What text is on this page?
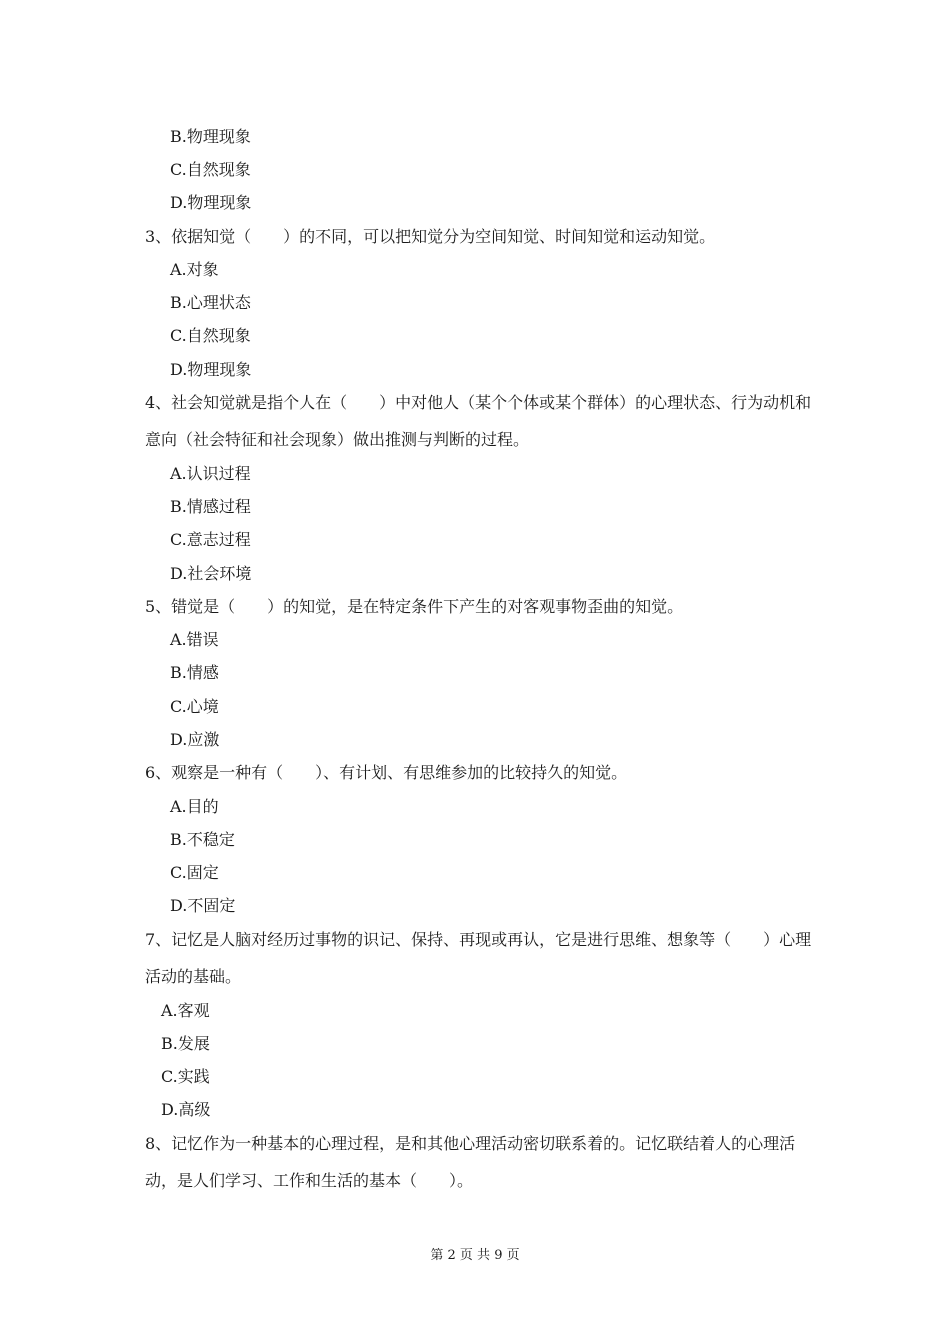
B.物理现象
C.自然现象
D.物理现象
3、依据知觉（　　）的不同，可以把知觉分为空间知觉、时间知觉和运动知觉。
A.对象
B.心理状态
C.自然现象
D.物理现象
4、社会知觉就是指个人在（　　）中对他人（某个个体或某个群体）的心理状态、行为动机和
意向（社会特征和社会现象）做出推测与判断的过程。
A.认识过程
B.情感过程
C.意志过程
D.社会环境
5、错觉是（　　）的知觉，是在特定条件下产生的对客观事物歪曲的知觉。
A.错误
B.情感
C.心境
D.应激
6、观察是一种有（　　）、有计划、有思维参加的比较持久的知觉。
A.目的
B.不稳定
C.固定
D.不固定
7、记忆是人脑对经历过事物的识记、保持、再现或再认，它是进行思维、想象等（　　）心理
活动的基础。
A.客观
B.发展
C.实践
D.高级
8、记忆作为一种基本的心理过程，是和其他心理活动密切联系着的。记忆联结着人的心理活
动，是人们学习、工作和生活的基本（　　）。
第 2 页 共 9 页
